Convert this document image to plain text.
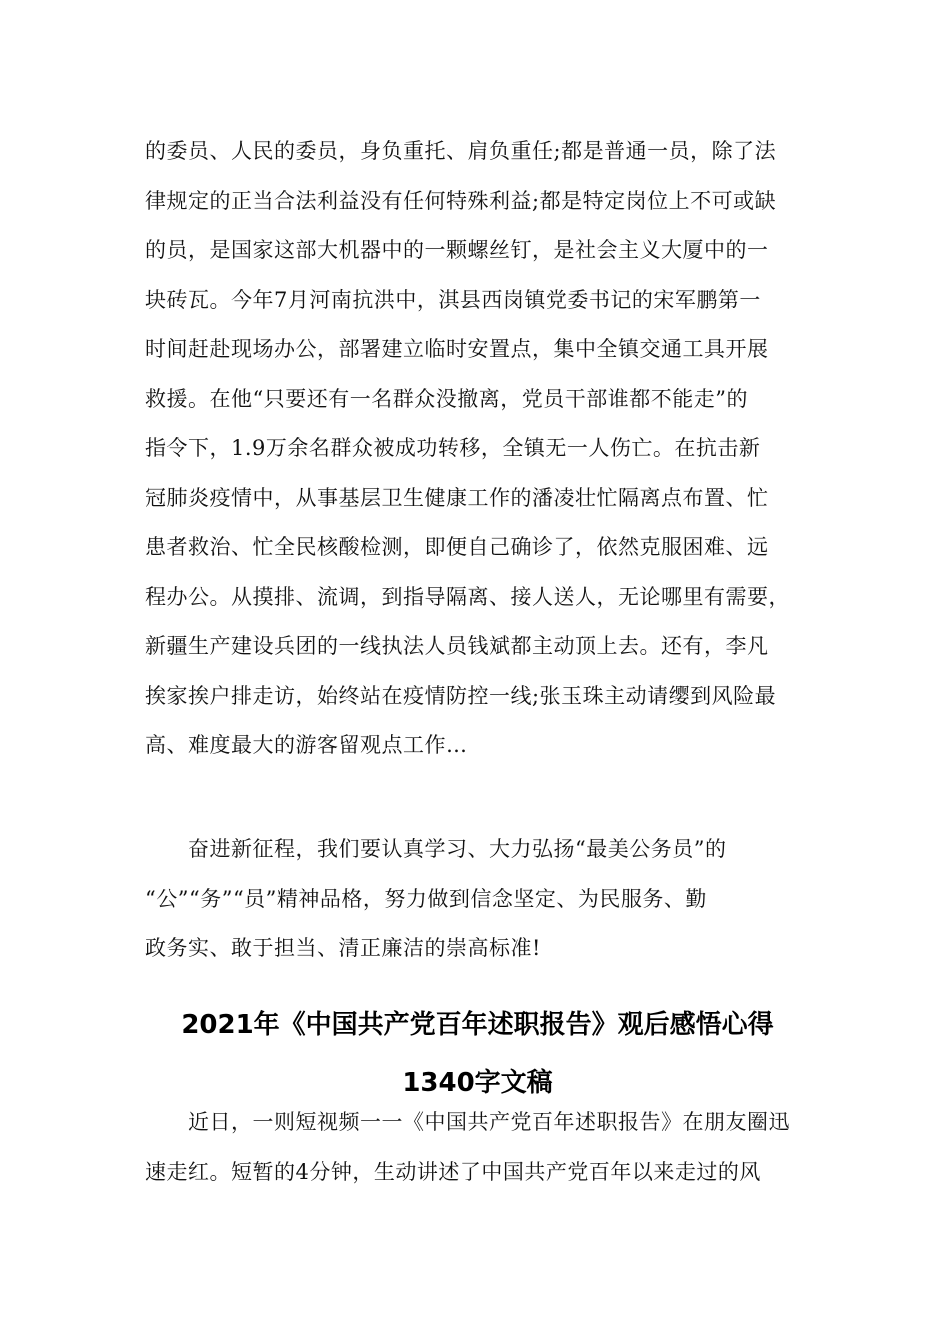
的委员、人民的委员，身负重托、肩负重任;都是普通一员，除了法
律规定的正当合法利益没有任何特殊利益;都是特定岗位上不可或缺
的员，是国家这部大机器中的一颗螺丝钉，是社会主义大厦中的一
块砖瓦。今年7月河南抗洪中，淇县西岗镇党委书记的宋军鹏第一
时间赶赴现场办公，部署建立临时安置点，集中全镇交通工具开展
救援。在他“只要还有一名群众没撤离，党员干部谁都不能走”的
指令下，1.9万余名群众被成功转移，全镇无一人伤亡。在抗击新
冠肺炎疫情中，从事基层卫生健康工作的潘凌壮忙隔离点布置、忙
患者救治、忙全民核酸检测，即便自己确诊了，依然克服困难、远
程办公。从摸排、流调，到指导隔离、接人送人，无论哪里有需要，
新疆生产建设兵团的一线执法人员钱斌都主动顶上去。还有，李凡
挨家挨户排走访，始终站在疫情防控一线;张玉珠主动请缨到风险最
高、难度最大的游客留观点工作…
　　奋进新征程，我们要认真学习、大力弘扬“最美公务员”的
“公”“务”“员”精神品格，努力做到信念坚定、为民服务、勤
政务实、敢于担当、清正廉洁的崇高标准!
2021年《中国共产党百年述职报告》观后感悟心得
1340字文稿
　　近日，一则短视频一一《中国共产党百年述职报告》在朋友圈迅
速走红。短暂的4分钟，生动讲述了中国共产党百年以来走过的风
